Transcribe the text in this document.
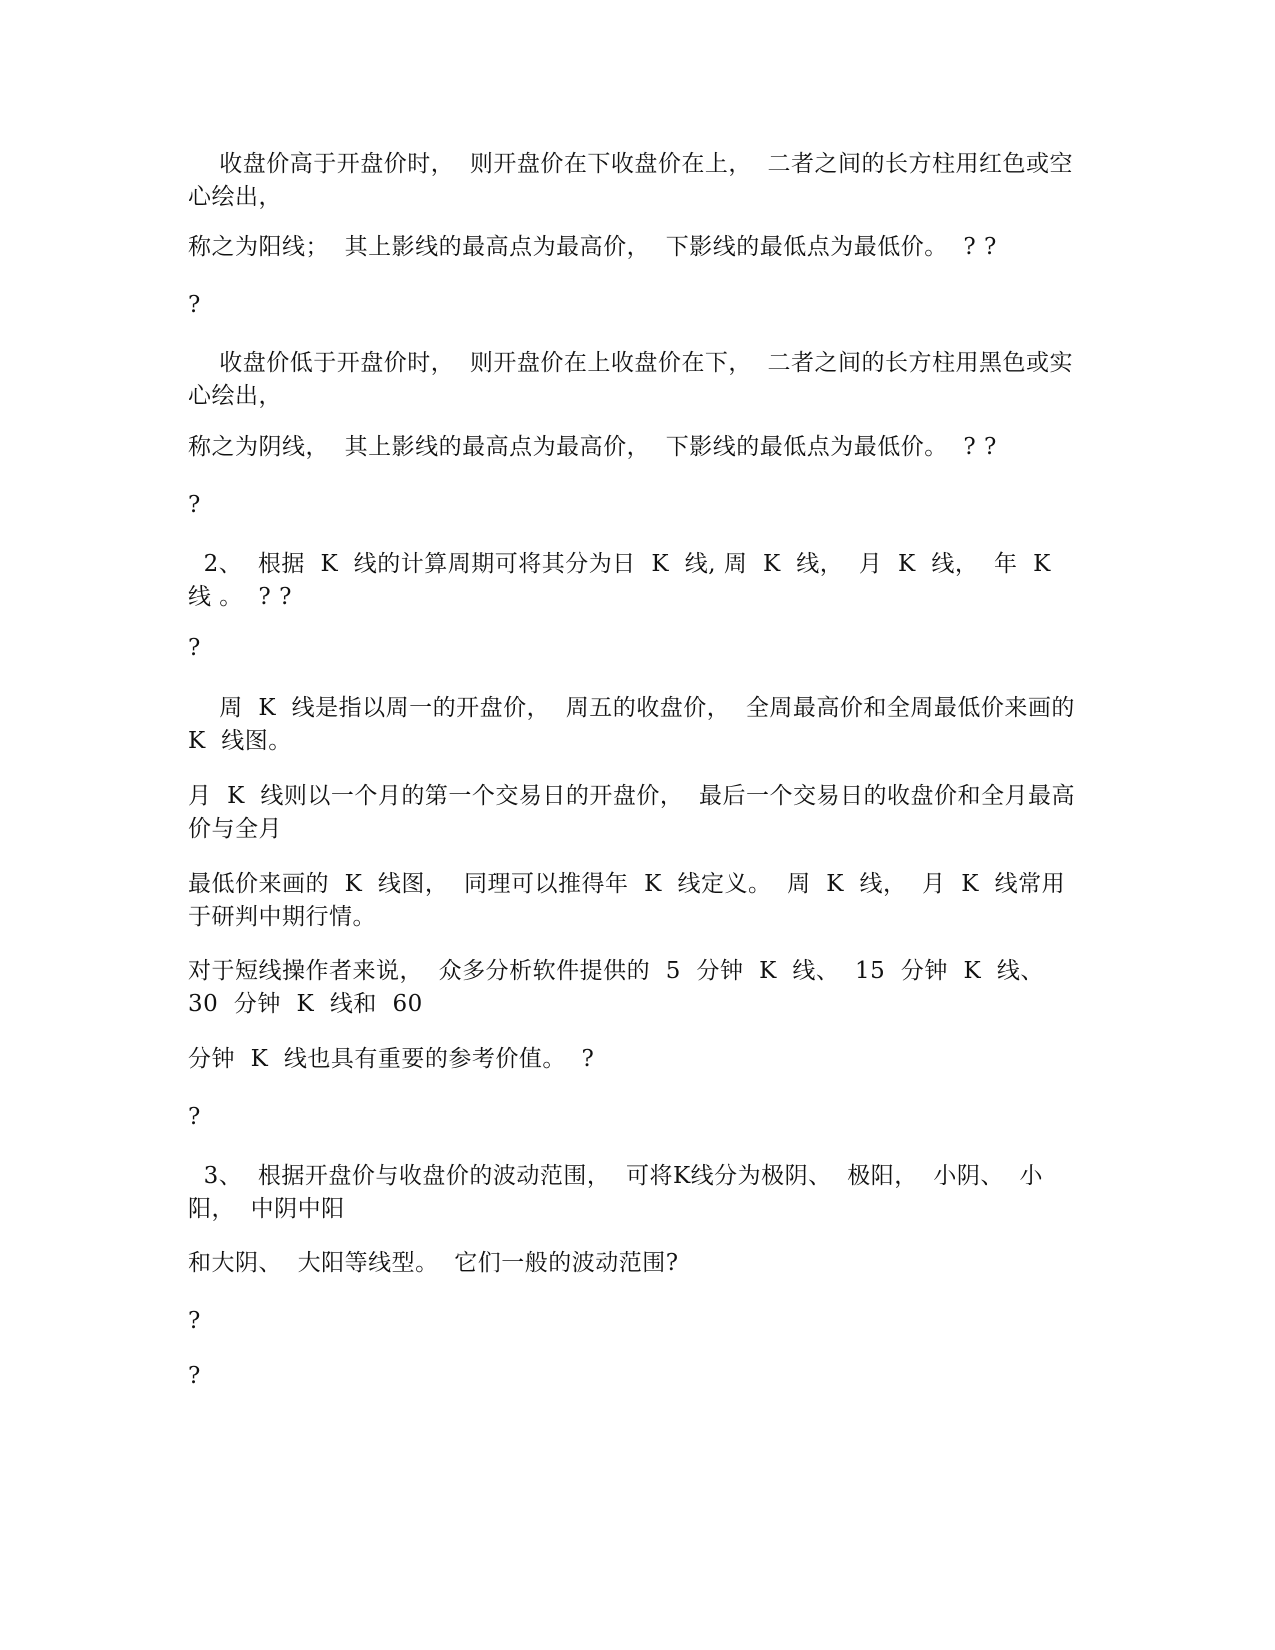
收盘价高于开盘价时，  则开盘价在下收盘价在上，  二者之间的长方柱用红色或空心绘出，

称之为阳线；  其上影线的最高点为最高价，  下影线的最低点为最低价。  ? ?

?

收盘价低于开盘价时，  则开盘价在上收盘价在下，  二者之间的长方柱用黑色或实心绘出，

称之为阴线，  其上影线的最高点为最高价，  下影线的最低点为最低价。  ? ?

?

2、  根据  K  线的计算周期可将其分为日  K  线, 周  K  线，  月  K  线，  年  K  线 。  ? ?

?

周  K  线是指以周一的开盘价，  周五的收盘价，  全周最高价和全周最低价来画的  K  线图。

月  K  线则以一个月的第一个交易日的开盘价，  最后一个交易日的收盘价和全月最高价与全月

最低价来画的  K  线图，  同理可以推得年  K  线定义。  周  K  线，  月  K  线常用于研判中期行情。

对于短线操作者来说，  众多分析软件提供的  5  分钟  K  线、  15  分钟  K  线、  30  分钟  K  线和  60

分钟  K  线也具有重要的参考价值。  ?

?

3、  根据开盘价与收盘价的波动范围，  可将K线分为极阴、  极阳，  小阴、  小阳，  中阴中阳

和大阴、  大阳等线型。  它们一般的波动范围?

?

?
